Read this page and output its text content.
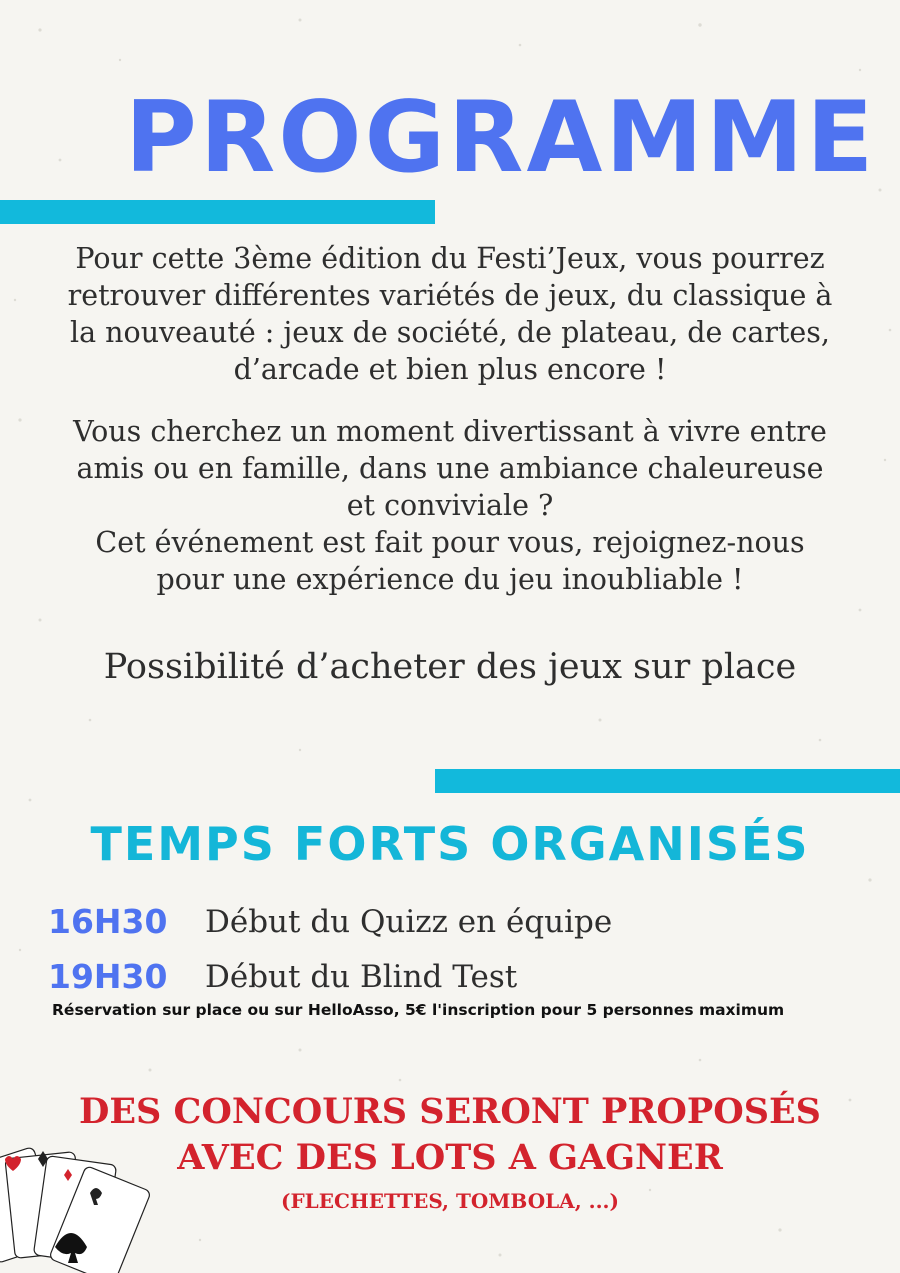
PROGRAMME

Pour cette 3ème édition du Festi’Jeux, vous pourrez
retrouver différentes variétés de jeux, du classique à
la nouveauté : jeux de société, de plateau, de cartes,
d’arcade et bien plus encore !

Vous cherchez un moment divertissant à vivre entre
amis ou en famille, dans une ambiance chaleureuse
et conviviale ?
Cet événement est fait pour vous, rejoignez-nous
pour une expérience du jeu inoubliable !

Possibilité d’acheter des jeux sur place
TEMPS FORTS ORGANISÉS
16H30 Début du Quizz en équipe
19H30 Début du Blind Test
Réservation sur place ou sur HelloAsso, 5€ l'inscription pour 5 personnes maximum
DES CONCOURS SERONT PROPOSÉS
AVEC DES LOTS A GAGNER
(FLECHETTES, TOMBOLA, ...)
